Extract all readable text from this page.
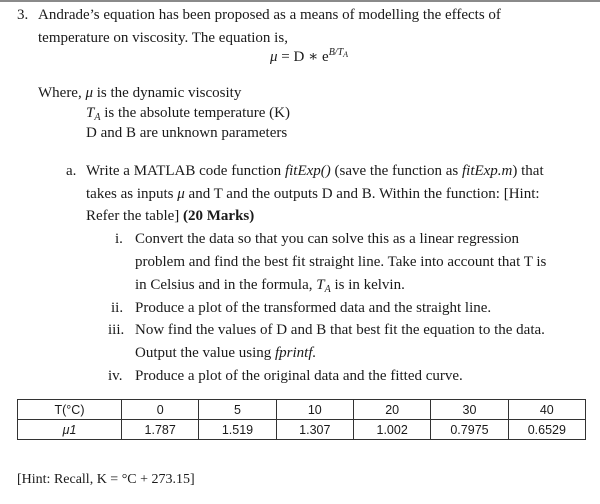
3. Andrade’s equation has been proposed as a means of modelling the effects of
temperature on viscosity. The equation is,
μ = D ∗ $e^{B/T_A}$
Where, μ is the dynamic viscosity
$T_A$ is the absolute temperature (K)
D and B are unknown parameters
a. Write a MATLAB code function fitExp() (save the function as fitExp.m) that
takes as inputs μ and T and the outputs D and B. Within the function: [Hint:
Refer the table] (20 Marks)
i. Convert the data so that you can solve this as a linear regression
problem and find the best fit straight line. Take into account that T is
in Celsius and in the formula, $T_A$ is in kelvin.
ii. Produce a plot of the transformed data and the straight line.
iii. Now find the values of D and B that best fit the equation to the data.
Output the value using fprintf.
iv. Produce a plot of the original data and the fitted curve.
T(°C)	0	5	10	20	30	40
μ1	1.787	1.519	1.307	1.002	0.7975	0.6529
[Hint: Recall, K = °C + 273.15]
